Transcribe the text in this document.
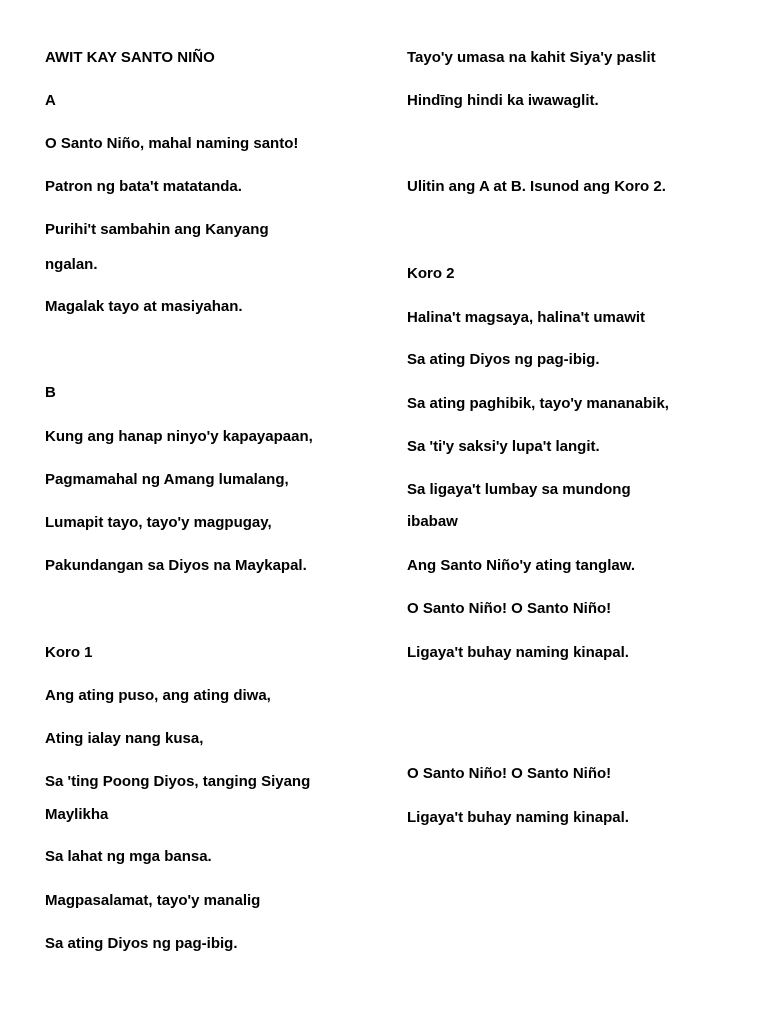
AWIT KAY SANTO NIÑO
A
O Santo Niño, mahal naming santo!
Patron ng bata't matatanda.
Purihi't sambahin ang Kanyang
ngalan.
Magalak tayo at masiyahan.
B
Kung ang hanap ninyo'y kapayapaan,
Pagmamahal ng Amang lumalang,
Lumapit tayo, tayo'y magpugay,
Pakundangan sa Diyos na Maykapal.
Koro 1
Ang ating puso, ang ating diwa,
Ating ialay nang kusa,
Sa 'ting Poong Diyos, tanging Siyang
Maylikha
Sa lahat ng mga bansa.
Magpasalamat, tayo'y manalig
Sa ating Diyos ng pag-ibig.
Tayo'y umasa na kahit Siya'y paslit
Hindīng hindi ka iwawaglit.
Ulitin ang A at B. Isunod ang Koro 2.
Koro 2
Halina't magsaya, halina't umawit
Sa ating Diyos ng pag-ibig.
Sa ating paghibik, tayo'y mananabik,
Sa 'ti'y saksi'y lupa't langit.
Sa ligaya't lumbay sa mundong
ibabaw
Ang Santo Niño'y ating tanglaw.
O Santo Niño! O Santo Niño!
Ligaya't buhay naming kinapal.
O Santo Niño! O Santo Niño!
Ligaya't buhay naming kinapal.
